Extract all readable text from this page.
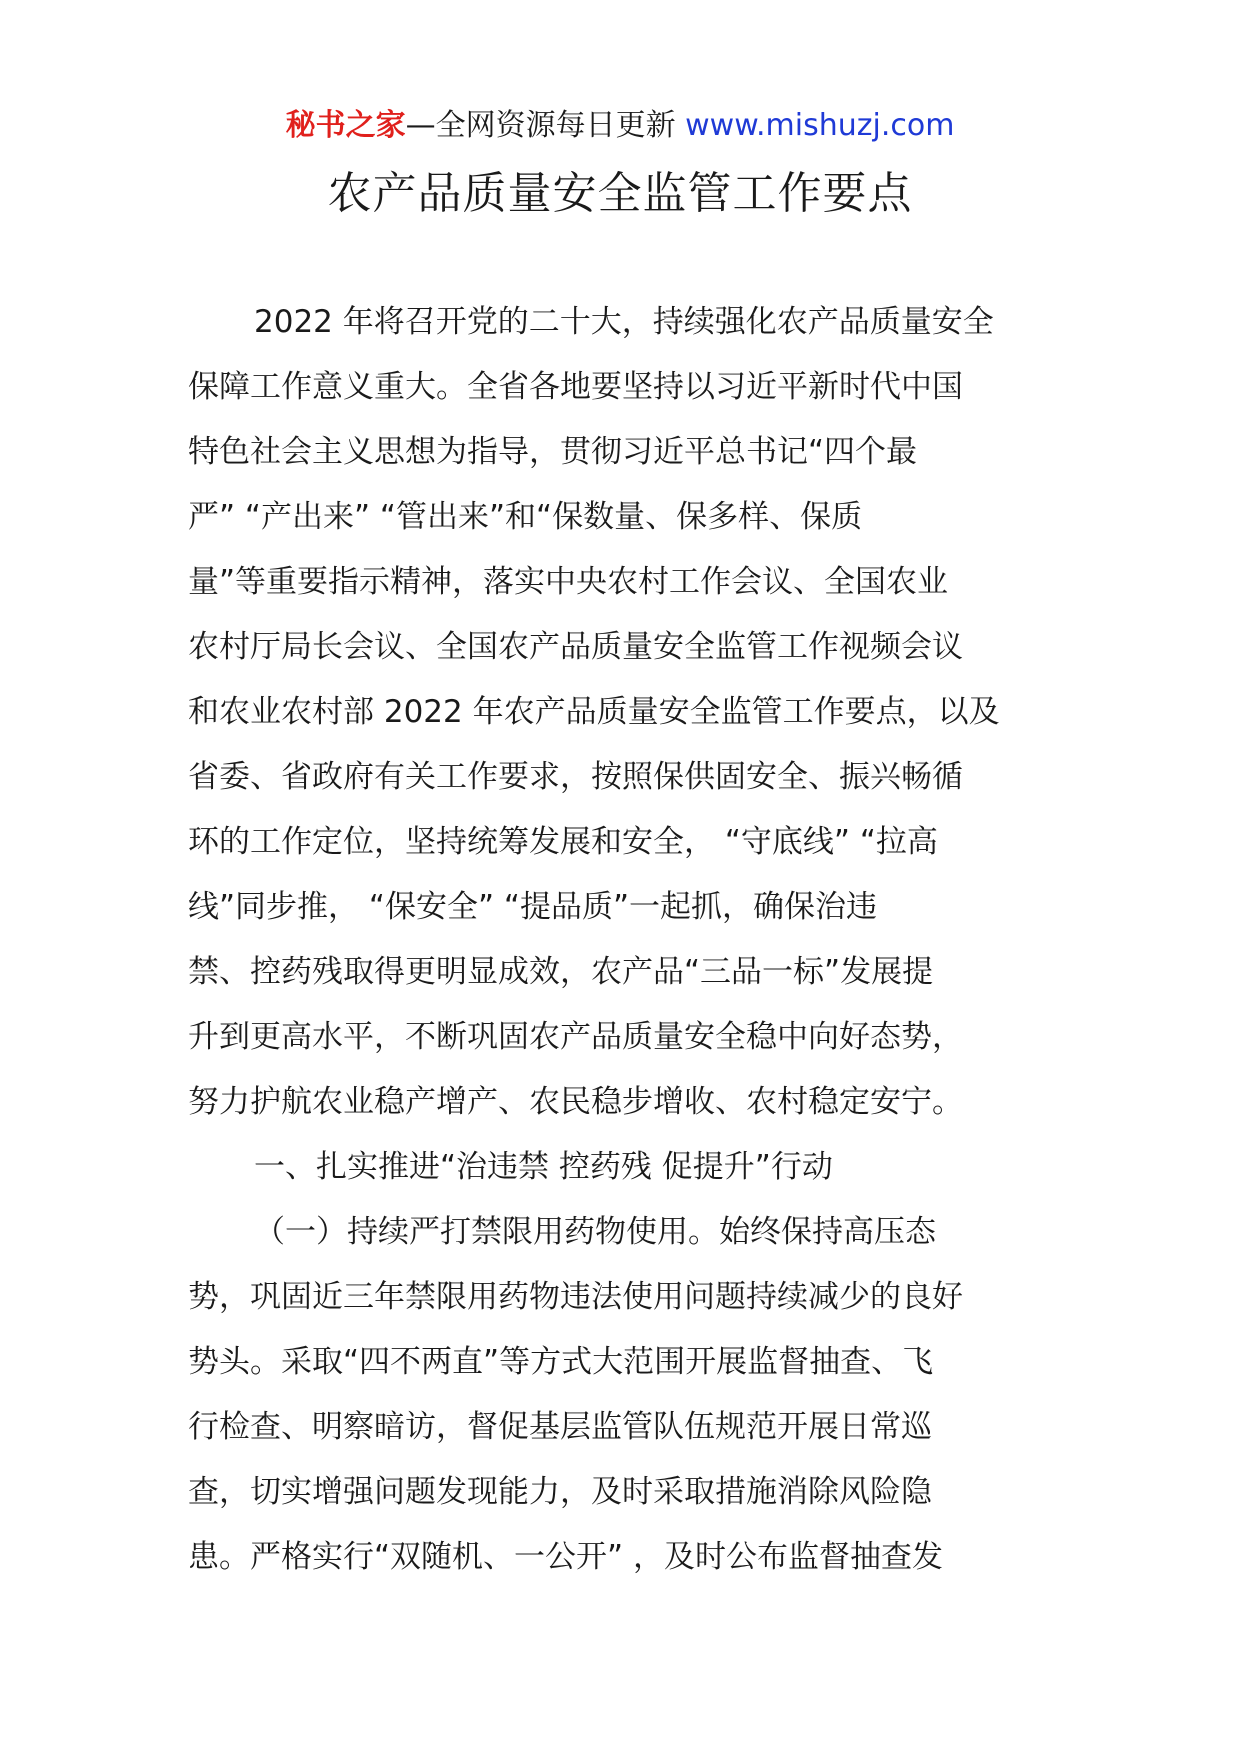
秘书之家—全网资源每日更新 www.mishuzj.com
农产品质量安全监管工作要点
2022 年将召开党的二十大，持续强化农产品质量安全
保障工作意义重大。全省各地要坚持以习近平新时代中国
特色社会主义思想为指导，贯彻习近平总书记“四个最
严” “产出来” “管出来”和“保数量、保多样、保质
量”等重要指示精神，落实中央农村工作会议、全国农业
农村厅局长会议、全国农产品质量安全监管工作视频会议
和农业农村部 2022 年农产品质量安全监管工作要点，以及
省委、省政府有关工作要求，按照保供固安全、振兴畅循
环的工作定位，坚持统筹发展和安全， “守底线” “拉高
线”同步推， “保安全” “提品质”一起抓，确保治违
禁、控药残取得更明显成效，农产品“三品一标”发展提
升到更高水平，不断巩固农产品质量安全稳中向好态势，
努力护航农业稳产增产、农民稳步增收、农村稳定安宁。
一、扎实推进“治违禁 控药残 促提升”行动
（一）持续严打禁限用药物使用。始终保持高压态
势，巩固近三年禁限用药物违法使用问题持续减少的良好
势头。采取“四不两直”等方式大范围开展监督抽查、飞
行检查、明察暗访，督促基层监管队伍规范开展日常巡
查，切实增强问题发现能力，及时采取措施消除风险隐
患。严格实行“双随机、一公开” ，及时公布监督抽查发
